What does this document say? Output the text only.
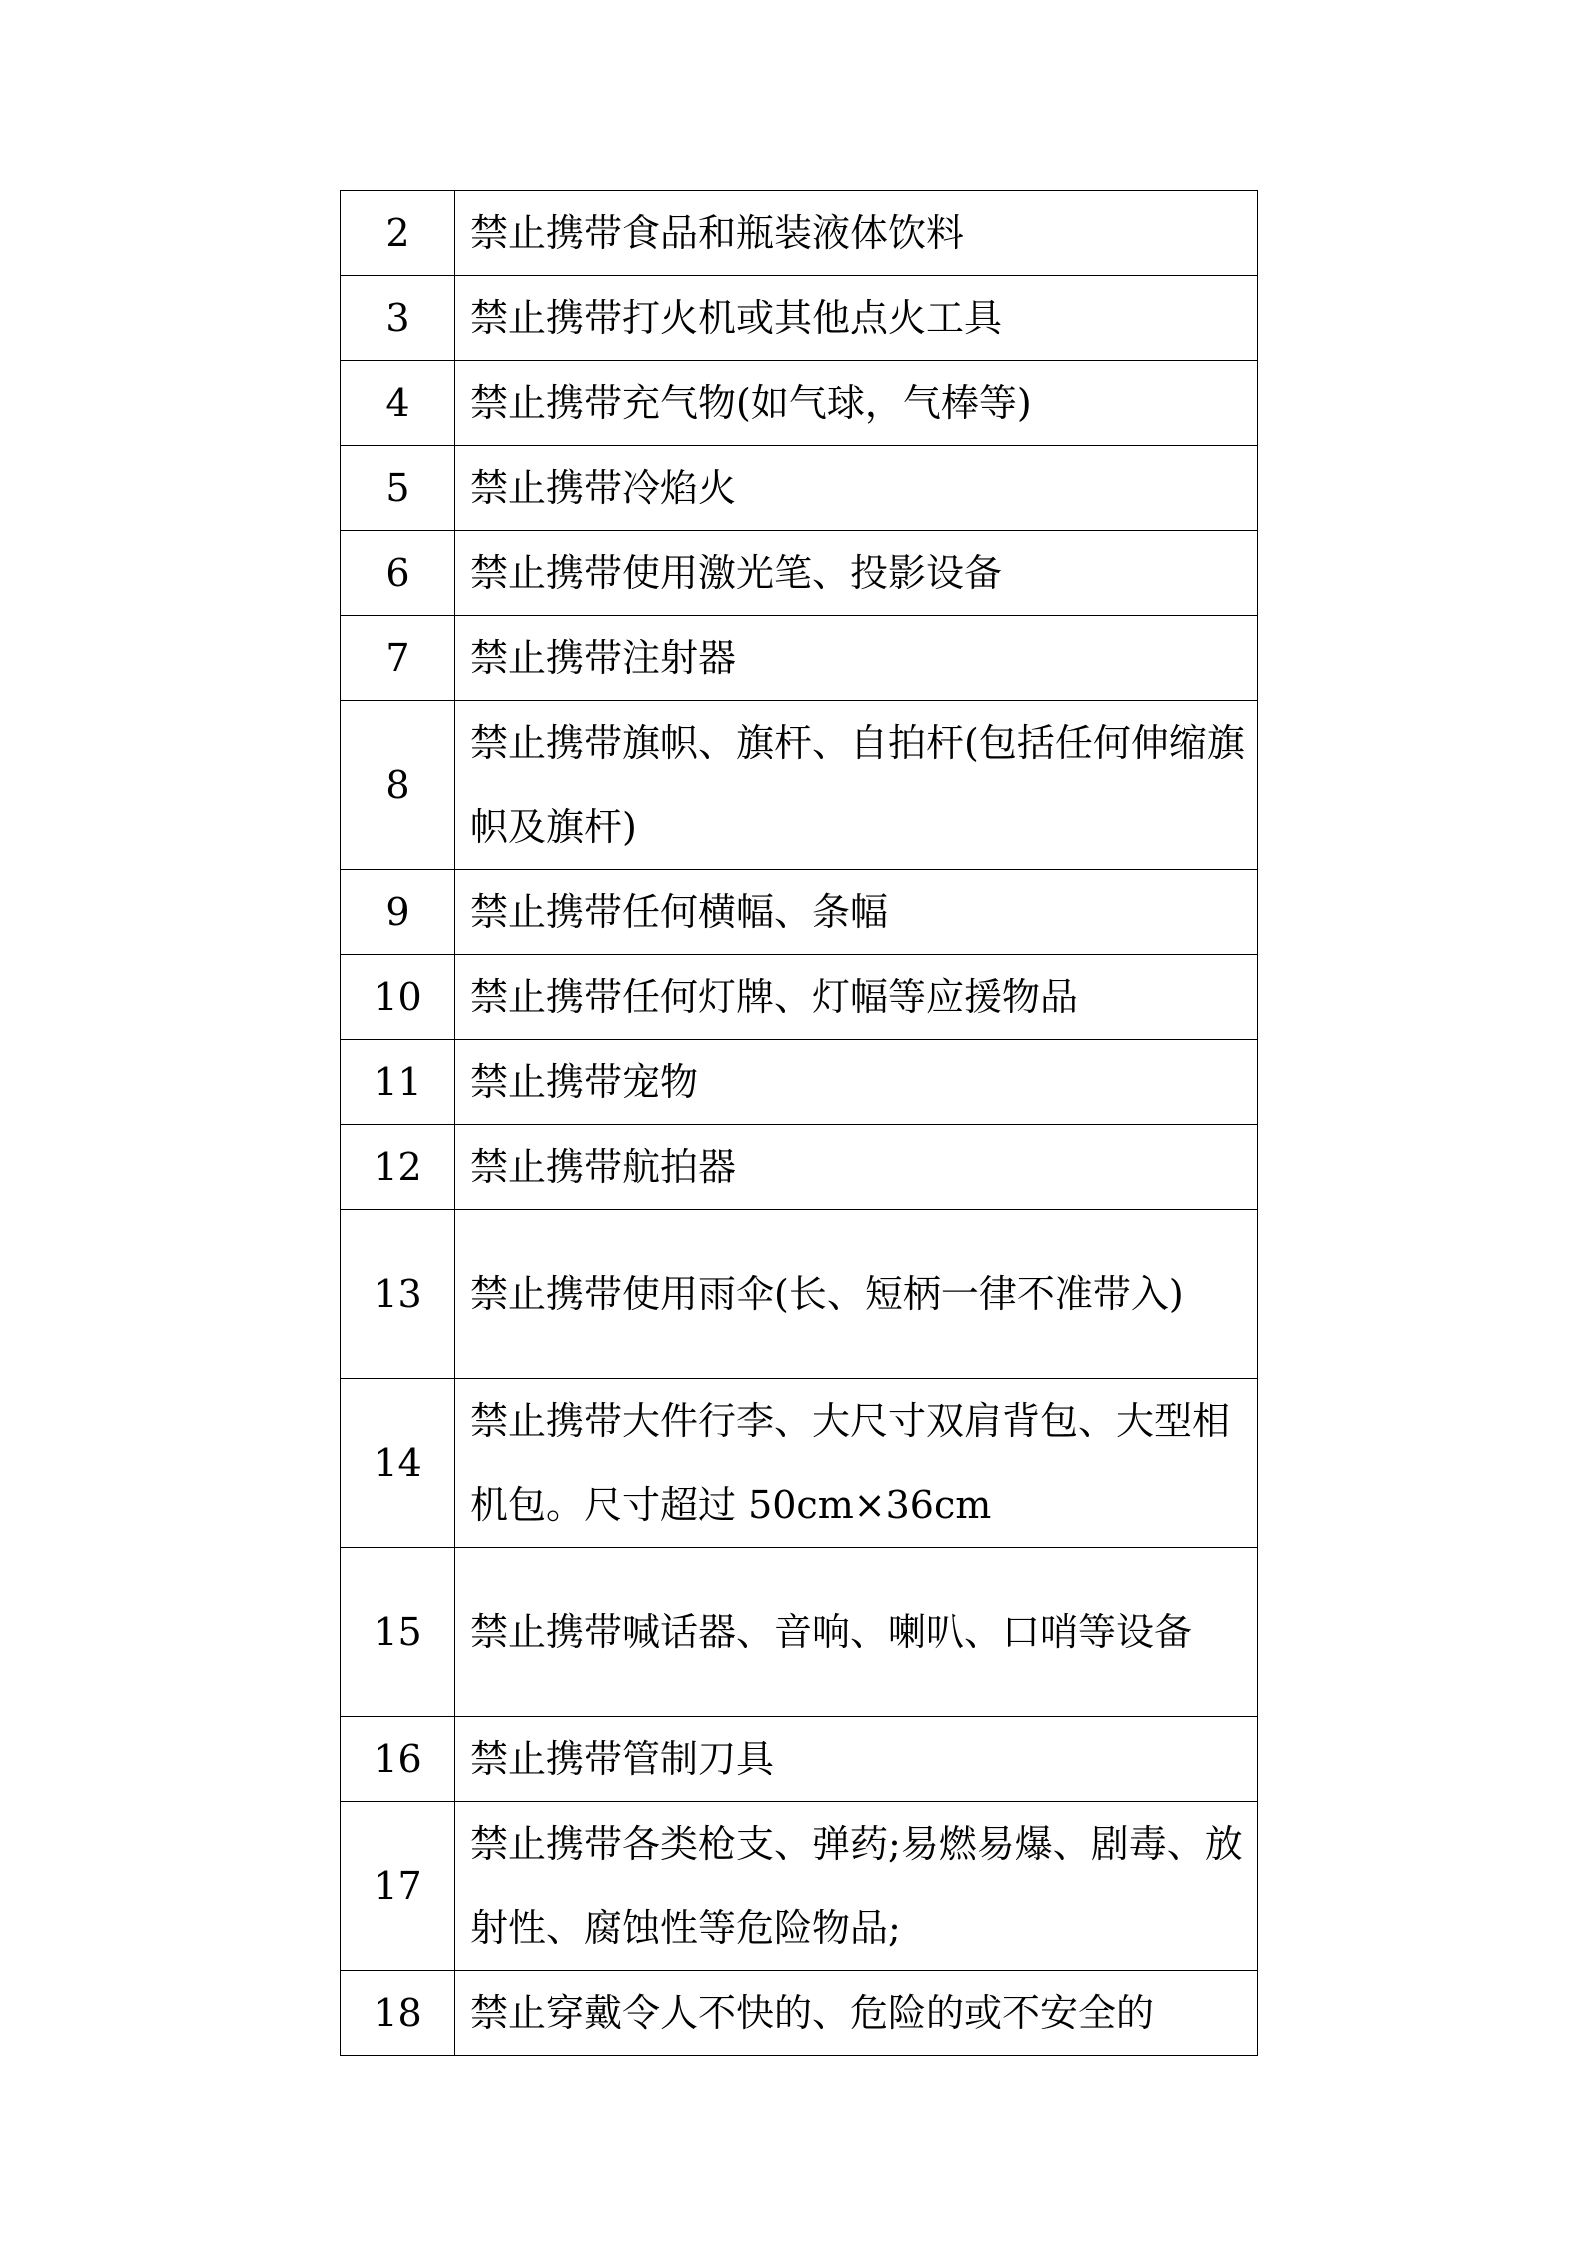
2	禁止携带食品和瓶装液体饮料
3	禁止携带打火机或其他点火工具
4	禁止携带充气物(如气球，气棒等)
5	禁止携带冷焰火
6	禁止携带使用激光笔、投影设备
7	禁止携带注射器
8	禁止携带旗帜、旗杆、自拍杆(包括任何伸缩旗帜及旗杆)
9	禁止携带任何横幅、条幅
10	禁止携带任何灯牌、灯幅等应援物品
11	禁止携带宠物
12	禁止携带航拍器
13	禁止携带使用雨伞(长、短柄一律不准带入)
14	禁止携带大件行李、大尺寸双肩背包、大型相机包。尺寸超过 50cm×36cm
15	禁止携带喊话器、音响、喇叭、口哨等设备
16	禁止携带管制刀具
17	禁止携带各类枪支、弹药;易燃易爆、剧毒、放射性、腐蚀性等危险物品;
18	禁止穿戴令人不快的、危险的或不安全的
